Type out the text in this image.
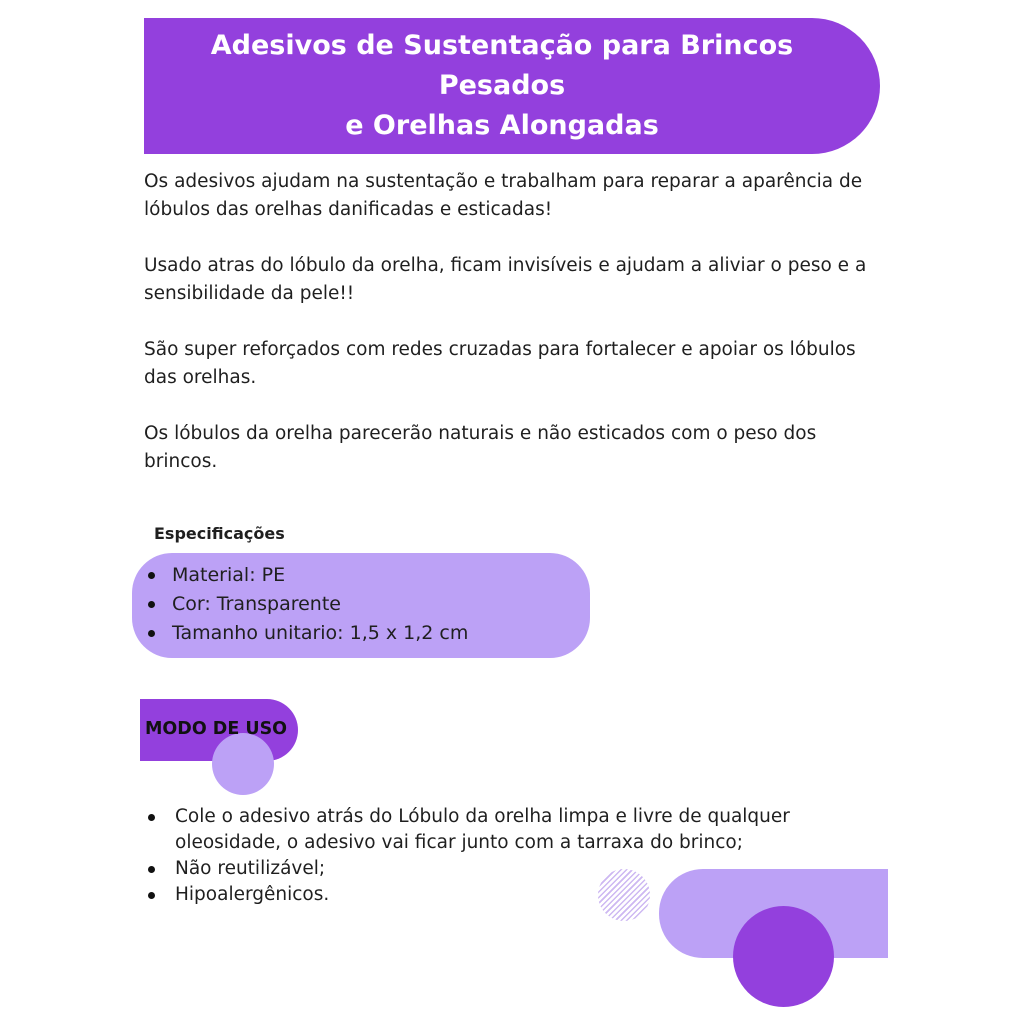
Adesivos de Sustentação para Brincos Pesados
e Orelhas Alongadas

Os adesivos ajudam na sustentação e trabalham para reparar a aparência de lóbulos das orelhas danificadas e esticadas!

Usado atras do lóbulo da orelha, ficam invisíveis e ajudam a aliviar o peso e a sensibilidade da pele!!

São super reforçados com redes cruzadas para fortalecer e apoiar os lóbulos das orelhas.

Os lóbulos da orelha parecerão naturais e não esticados com o peso dos brincos.

Especificações
Material: PE
Cor: Transparente
Tamanho unitario: 1,5 x 1,2 cm
MODO DE USO
Cole o adesivo atrás do Lóbulo da orelha limpa e livre de qualquer oleosidade, o adesivo vai ficar junto com a tarraxa do brinco;
Não reutilizável;
Hipoalergênicos.
